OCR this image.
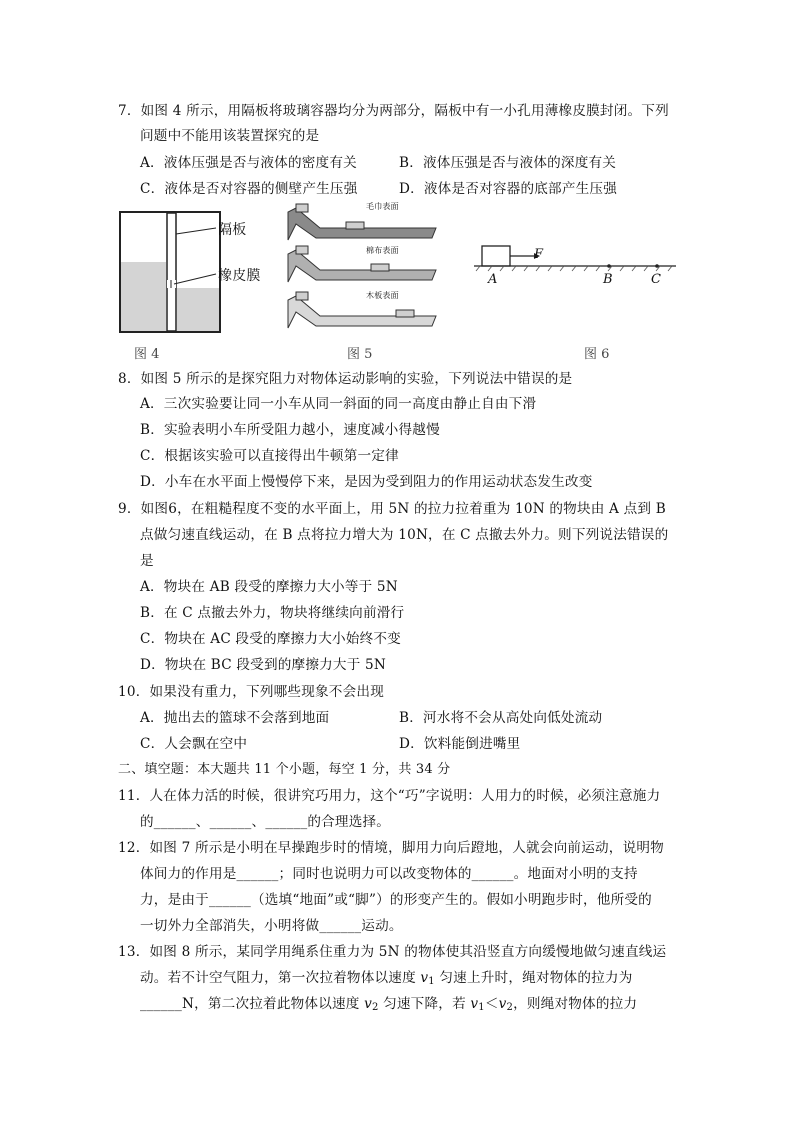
7．如图 4 所示，用隔板将玻璃容器均分为两部分，隔板中有一小孔用薄橡皮膜封闭。下列
问题中不能用该装置探究的是
A．液体压强是否与液体的密度有关	B．液体压强是否与液体的深度有关
C．液体是否对容器的侧壁产生压强	D．液体是否对容器的底部产生压强
隔板
橡皮膜
图 4
毛巾表面
棉布表面
木板表面
图 5
F
A	B	C
图 6
8．如图 5 所示的是探究阻力对物体运动影响的实验，下列说法中错误的是
A．三次实验要让同一小车从同一斜面的同一高度由静止自由下滑
B．实验表明小车所受阻力越小，速度减小得越慢
C．根据该实验可以直接得出牛顿第一定律
D．小车在水平面上慢慢停下来，是因为受到阻力的作用运动状态发生改变
9．如图6，在粗糙程度不变的水平面上，用 5N 的拉力拉着重为 10N 的物块由 A 点到 B
点做匀速直线运动，在 B 点将拉力增大为 10N，在 C 点撤去外力。则下列说法错误的
是
A．物块在 AB 段受的摩擦力大小等于 5N
B．在 C 点撤去外力，物块将继续向前滑行
C．物块在 AC 段受的摩擦力大小始终不变
D．物块在 BC 段受到的摩擦力大于 5N
10．如果没有重力，下列哪些现象不会出现
A．抛出去的篮球不会落到地面	B．河水将不会从高处向低处流动
C．人会飘在空中	D．饮料能倒进嘴里
二、填空题：本大题共 11 个小题，每空 1 分，共 34 分
11．人在体力活的时候，很讲究巧用力，这个“巧”字说明：人用力的时候，必须注意施力
的______、______、______的合理选择。
12．如图 7 所示是小明在早操跑步时的情境，脚用力向后蹬地，人就会向前运动，说明物
体间力的作用是______；同时也说明力可以改变物体的______。地面对小明的支持
力，是由于______（选填“地面”或“脚”）的形变产生的。假如小明跑步时，他所受的
一切外力全部消失，小明将做______运动。
13．如图 8 所示，某同学用绳系住重力为 5N 的物体使其沿竖直方向缓慢地做匀速直线运
动。若不计空气阻力，第一次拉着物体以速度 $v_1$ 匀速上升时，绳对物体的拉力为
______N，第二次拉着此物体以速度 $v_2$ 匀速下降，若 $v_1<v_2$，则绳对物体的拉力
